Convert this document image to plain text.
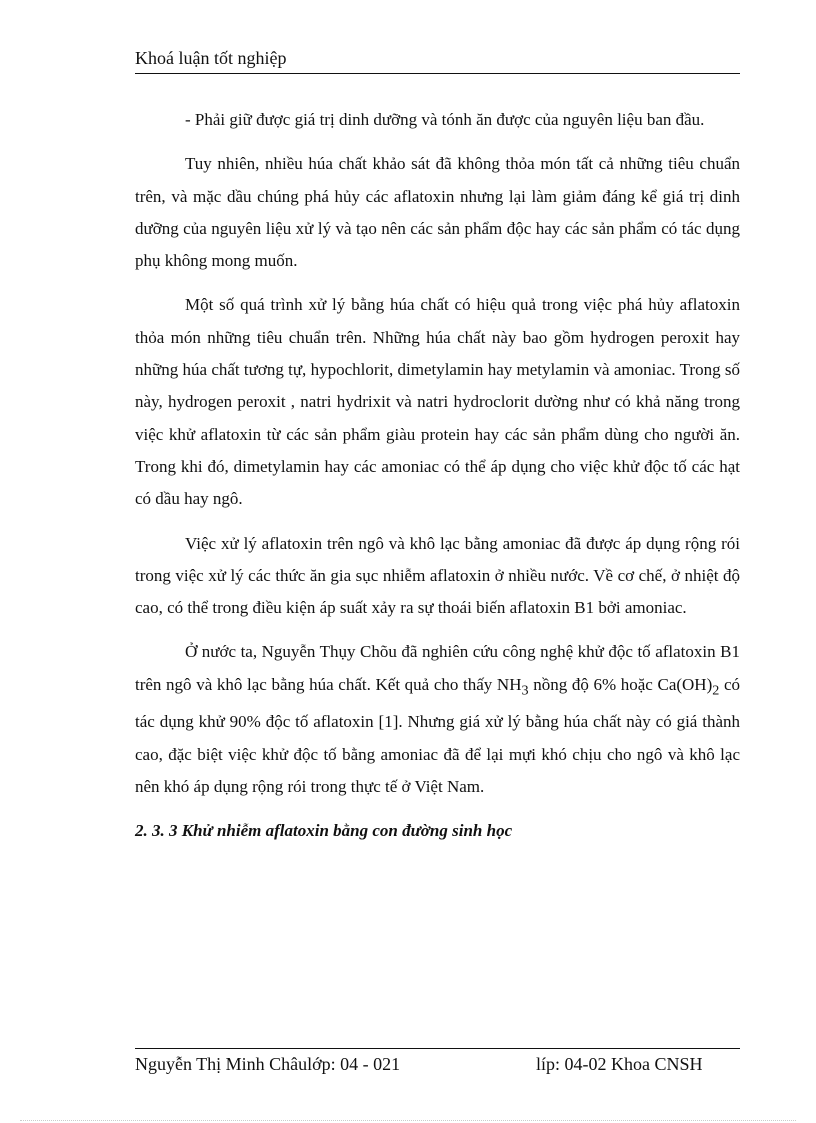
Khoá luận tốt nghiệp

- Phải giữ được giá trị dinh dưỡng và tónh ăn được của nguyên liệu ban đầu.

Tuy nhiên, nhiều húa chất khảo sát đã không thỏa món tất cả những tiêu chuẩn trên, và mặc dầu chúng phá hủy các aflatoxin nhưng lại làm giảm đáng kể giá trị dinh dưỡng của nguyên liệu xử lý và tạo nên các sản phẩm độc hay các sản phẩm có tác dụng phụ không mong muốn.

Một số quá trình xử lý bằng húa chất có hiệu quả trong việc phá hủy aflatoxin thỏa món những tiêu chuẩn trên. Những húa chất này bao gồm hydrogen peroxit hay những húa chất tương tự, hypochlorit, dimetylamin hay metylamin và amoniac. Trong số này, hydrogen peroxit , natri hydrixit và natri hydroclorit dường như có khả năng trong việc khử aflatoxin từ các sản phẩm giàu protein hay các sản phẩm dùng cho người ăn. Trong khi đó, dimetylamin hay các amoniac có thể áp dụng cho việc khử độc tố các hạt có dầu hay ngô.

Việc xử lý aflatoxin trên ngô và khô lạc bằng amoniac đã được áp dụng rộng rói trong việc xử lý các thức ăn gia sục nhiễm aflatoxin ở nhiều nước. Về cơ chế, ở nhiệt độ cao, có thể trong điều kiện áp suất xảy ra sự thoái biến aflatoxin B1 bởi amoniac.

Ở nước ta, Nguyễn Thụy Chõu đã nghiên cứu công nghệ khử độc tố aflatoxin B1 trên ngô và khô lạc bằng húa chất. Kết quả cho thấy $NH_3$ nồng độ 6% hoặc $Ca(OH)_2$ có tác dụng khử 90% độc tố aflatoxin [1]. Nhưng giá xử lý bằng húa chất này có giá thành cao, đặc biệt việc khử độc tố bằng amoniac đã để lại mựi khó chịu cho ngô và khô lạc nên khó áp dụng rộng rói trong thực tế ở Việt Nam.

2. 3. 3 Khử nhiễm aflatoxin bằng con đường sinh học

Nguyễn Thị Minh Châulớp: 04 - 021	líp: 04-02 Khoa CNSH
